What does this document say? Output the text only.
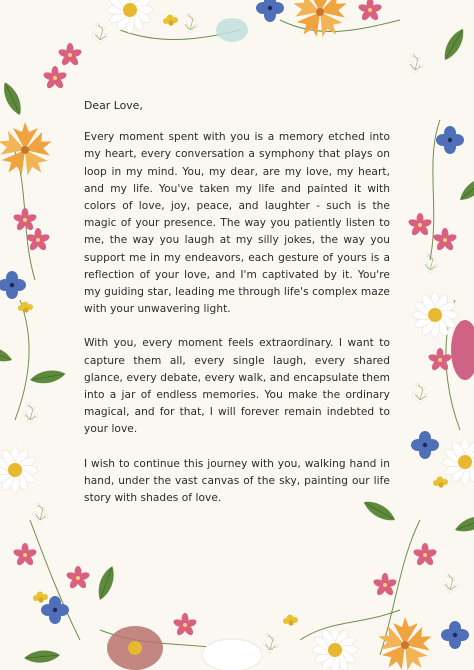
Dear Love,

Every moment spent with you is a memory etched into my heart, every conversation a symphony that plays on loop in my mind. You, my dear, are my love, my heart, and my life. You've taken my life and painted it with colors of love, joy, peace, and laughter - such is the magic of your presence. The way you patiently listen to me, the way you laugh at my silly jokes, the way you support me in my endeavors, each gesture of yours is a reflection of your love, and I'm captivated by it. You're my guiding star, leading me through life's complex maze with your unwavering light.

With you, every moment feels extraordinary. I want to capture them all, every single laugh, every shared glance, every debate, every walk, and encapsulate them into a jar of endless memories. You make the ordinary magical, and for that, I will forever remain indebted to your love.

I wish to continue this journey with you, walking hand in hand, under the vast canvas of the sky, painting our life story with shades of love.
